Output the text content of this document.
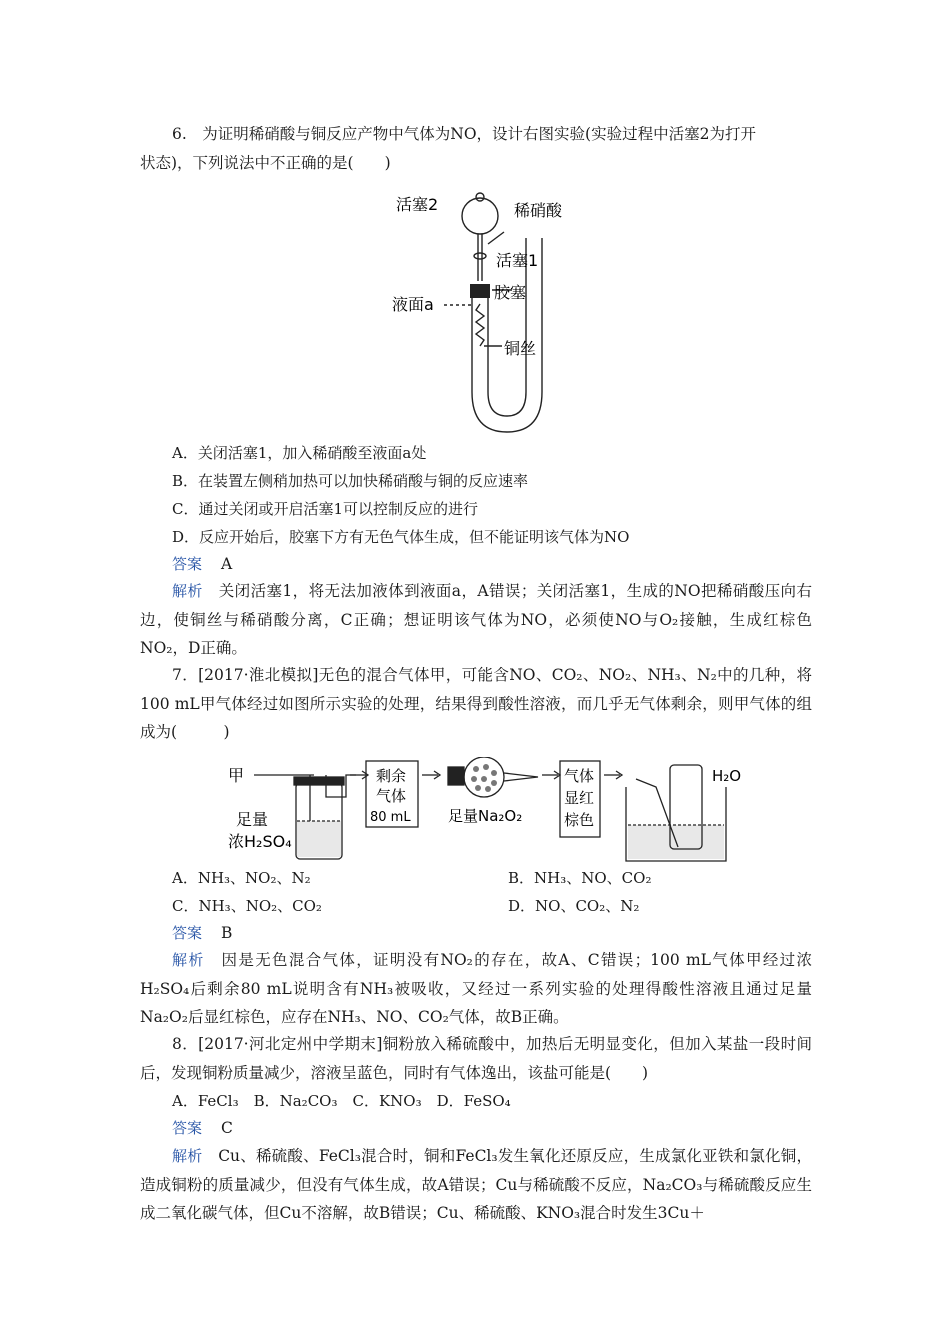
6.　为证明稀硝酸与铜反应产物中气体为NO，设计右图实验(实验过程中活塞2为打开
状态)，下列说法中不正确的是(　　)
活塞2	稀硝酸
活塞1
胶塞
液面a
铜丝
A．关闭活塞1，加入稀硝酸至液面a处
B．在装置左侧稍加热可以加快稀硝酸与铜的反应速率
C．通过关闭或开启活塞1可以控制反应的进行
D．反应开始后，胶塞下方有无色气体生成，但不能证明该气体为NO
答案 A
解析　 关闭活塞1，将无法加液体到液面a，A错误；关闭活塞1，生成的NO把稀硝酸压向右边，使铜丝与稀硝酸分离，C正确；想证明该气体为NO，必须使NO与O₂接触，生成红棕色NO₂，D正确。
7．[2017·淮北模拟]无色的混合气体甲，可能含NO、CO₂、NO₂、NH₃、N₂中的几种，将100 mL甲气体经过如图所示实验的处理，结果得到酸性溶液，而几乎无气体剩余，则甲气体的组成为(　　　)
甲
足量
浓H₂SO₄
剩余
气体
80 mL 足量Na₂O₂
气体
显红
棕色
H₂O
A．NH₃、NO₂、N₂	B．NH₃、NO、CO₂
C．NH₃、NO₂、CO₂	D．NO、CO₂、N₂
答案 B
解析　 因是无色混合气体，证明没有NO₂的存在，故A、C错误；100 mL气体甲经过浓H₂SO₄后剩余80 mL说明含有NH₃被吸收，又经过一系列实验的处理得酸性溶液且通过足量Na₂O₂后显红棕色，应存在NH₃、NO、CO₂气体，故B正确。
8．[2017·河北定州中学期末]铜粉放入稀硫酸中，加热后无明显变化，但加入某盐一段时间后，发现铜粉质量减少，溶液呈蓝色，同时有气体逸出，该盐可能是(　　)
A．FeCl₃　B．Na₂CO₃　C．KNO₃　D．FeSO₄
答案 C
解析　 Cu、稀硫酸、FeCl₃混合时，铜和FeCl₃发生氧化还原反应，生成氯化亚铁和氯化铜，造成铜粉的质量减少，但没有气体生成，故A错误；Cu与稀硫酸不反应，Na₂CO₃与稀硫酸反应生成二氧化碳气体，但Cu不溶解，故B错误；Cu、稀硫酸、KNO₃混合时发生3Cu＋
